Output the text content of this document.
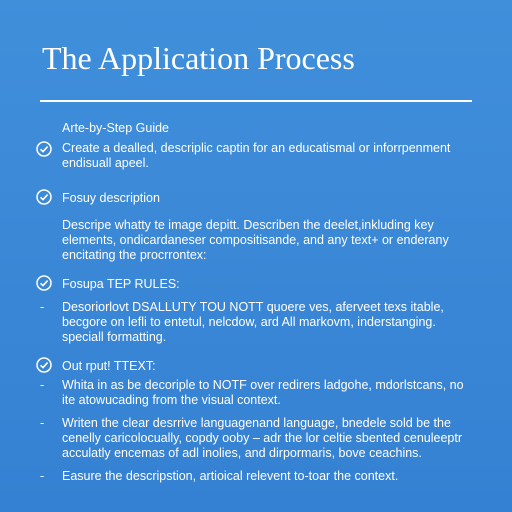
The Application Process
Arte-by-Step Guide
Create a dealled, descriplic captin for an educatismal or inforrpenment
endisuall apeel.
Fosuy description
Descripe whatty te image depitt. Describen the deelet,inkluding key elements, ondicardaneser compositisande, and any text+ or enderany encitating the procrrontex:
Fosupa TEP RULES:
- Desoriorlovt DSALLUTY TOU NOTT quoere ves, aferveet texs itable, becgore on lefli to entetul, nelcdow, ard All markovm, inderstanging. speciall formatting.
Out rput! TTEXT:
- Whita in as be decoriple to NOTF over redirers ladgohe, mdorlstcans, no ite atowucading from the visual context.
- Writen the clear desrrive languagenand language, bnedele sold be the cenelly caricolocually, copdy ooby – adr the lor celtie sbented cenuleeptr acculatly encemas of adl inolies, and dirpormaris, bove ceachins.
- Easure the descripstion, artioical relevent to-toar the context.
